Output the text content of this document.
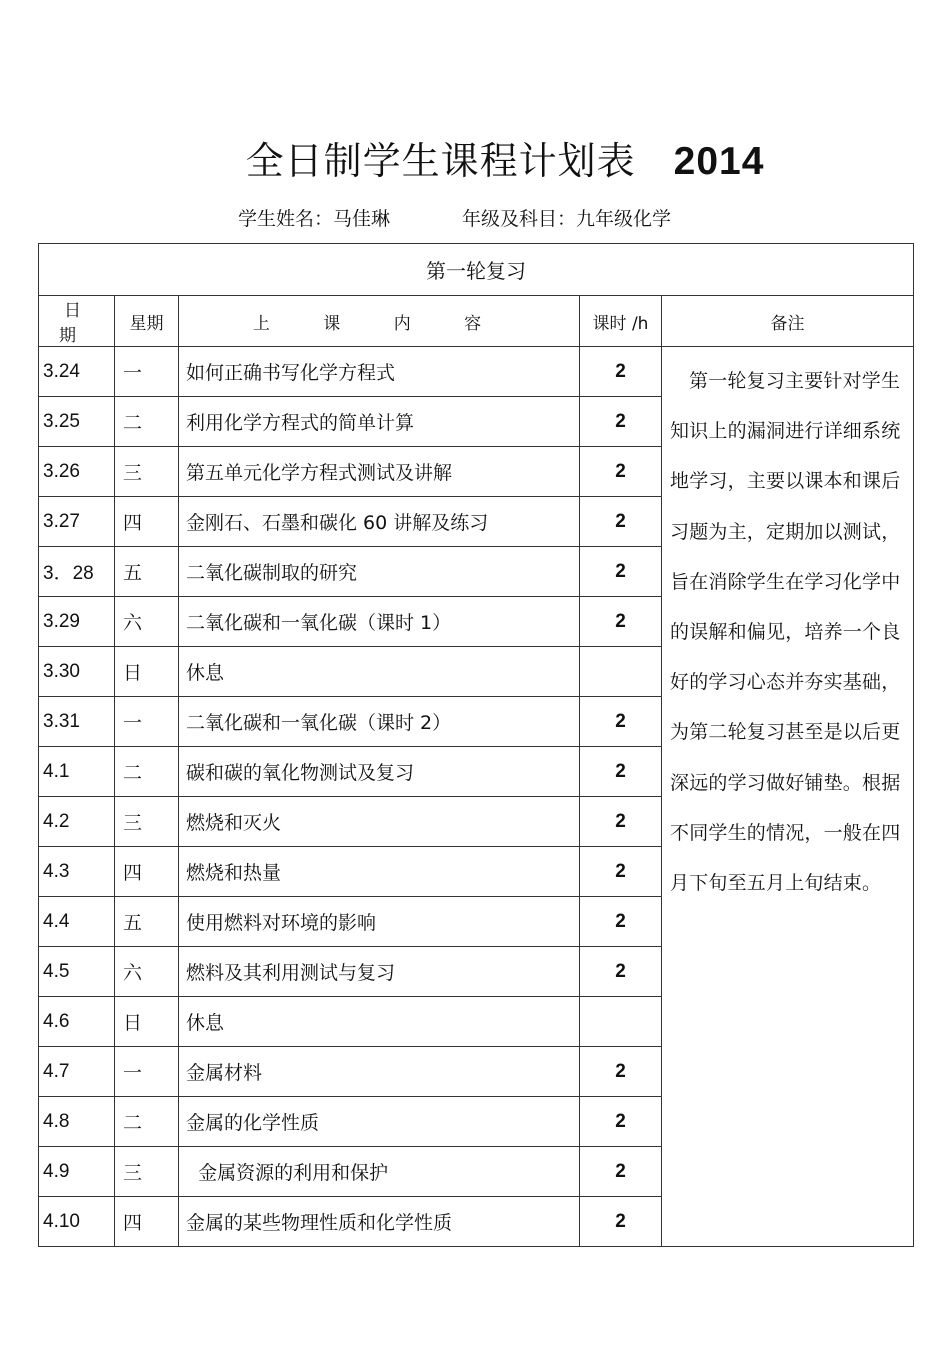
全日制学生课程计划表 2014
学生姓名：马佳琳	年级及科目：九年级化学
第一轮复习				
日 期	星期	上 课 内 容	课时 /h	备注
3.24	一	如何正确书写化学方程式	2	第一轮复习主要针对学生知识上的漏洞进行详细系统地学习，主要以课本和课后习题为主，定期加以测试，旨在消除学生在学习化学中的误解和偏见，培养一个良好的学习心态并夯实基础，为第二轮复习甚至是以后更深远的学习做好铺垫。根据不同学生的情况，一般在四月下旬至五月上旬结束。
3.25	二	利用化学方程式的简单计算	2	
3.26	三	第五单元化学方程式测试及讲解	2	
3.27	四	金刚石、石墨和碳化 60 讲解及练习	2	
3．28	五	二氧化碳制取的研究	2	
3.29	六	二氧化碳和一氧化碳（课时 1）	2	
3.30	日	休息		
3.31	一	二氧化碳和一氧化碳（课时 2）	2	
4.1	二	碳和碳的氧化物测试及复习	2	
4.2	三	燃烧和灭火	2	
4.3	四	燃烧和热量	2	
4.4	五	使用燃料对环境的影响	2	
4.5	六	燃料及其利用测试与复习	2	
4.6	日	休息		
4.7	一	金属材料	2	
4.8	二	金属的化学性质	2	
4.9	三	金属资源的利用和保护	2	
4.10	四	金属的某些物理性质和化学性质	2	
